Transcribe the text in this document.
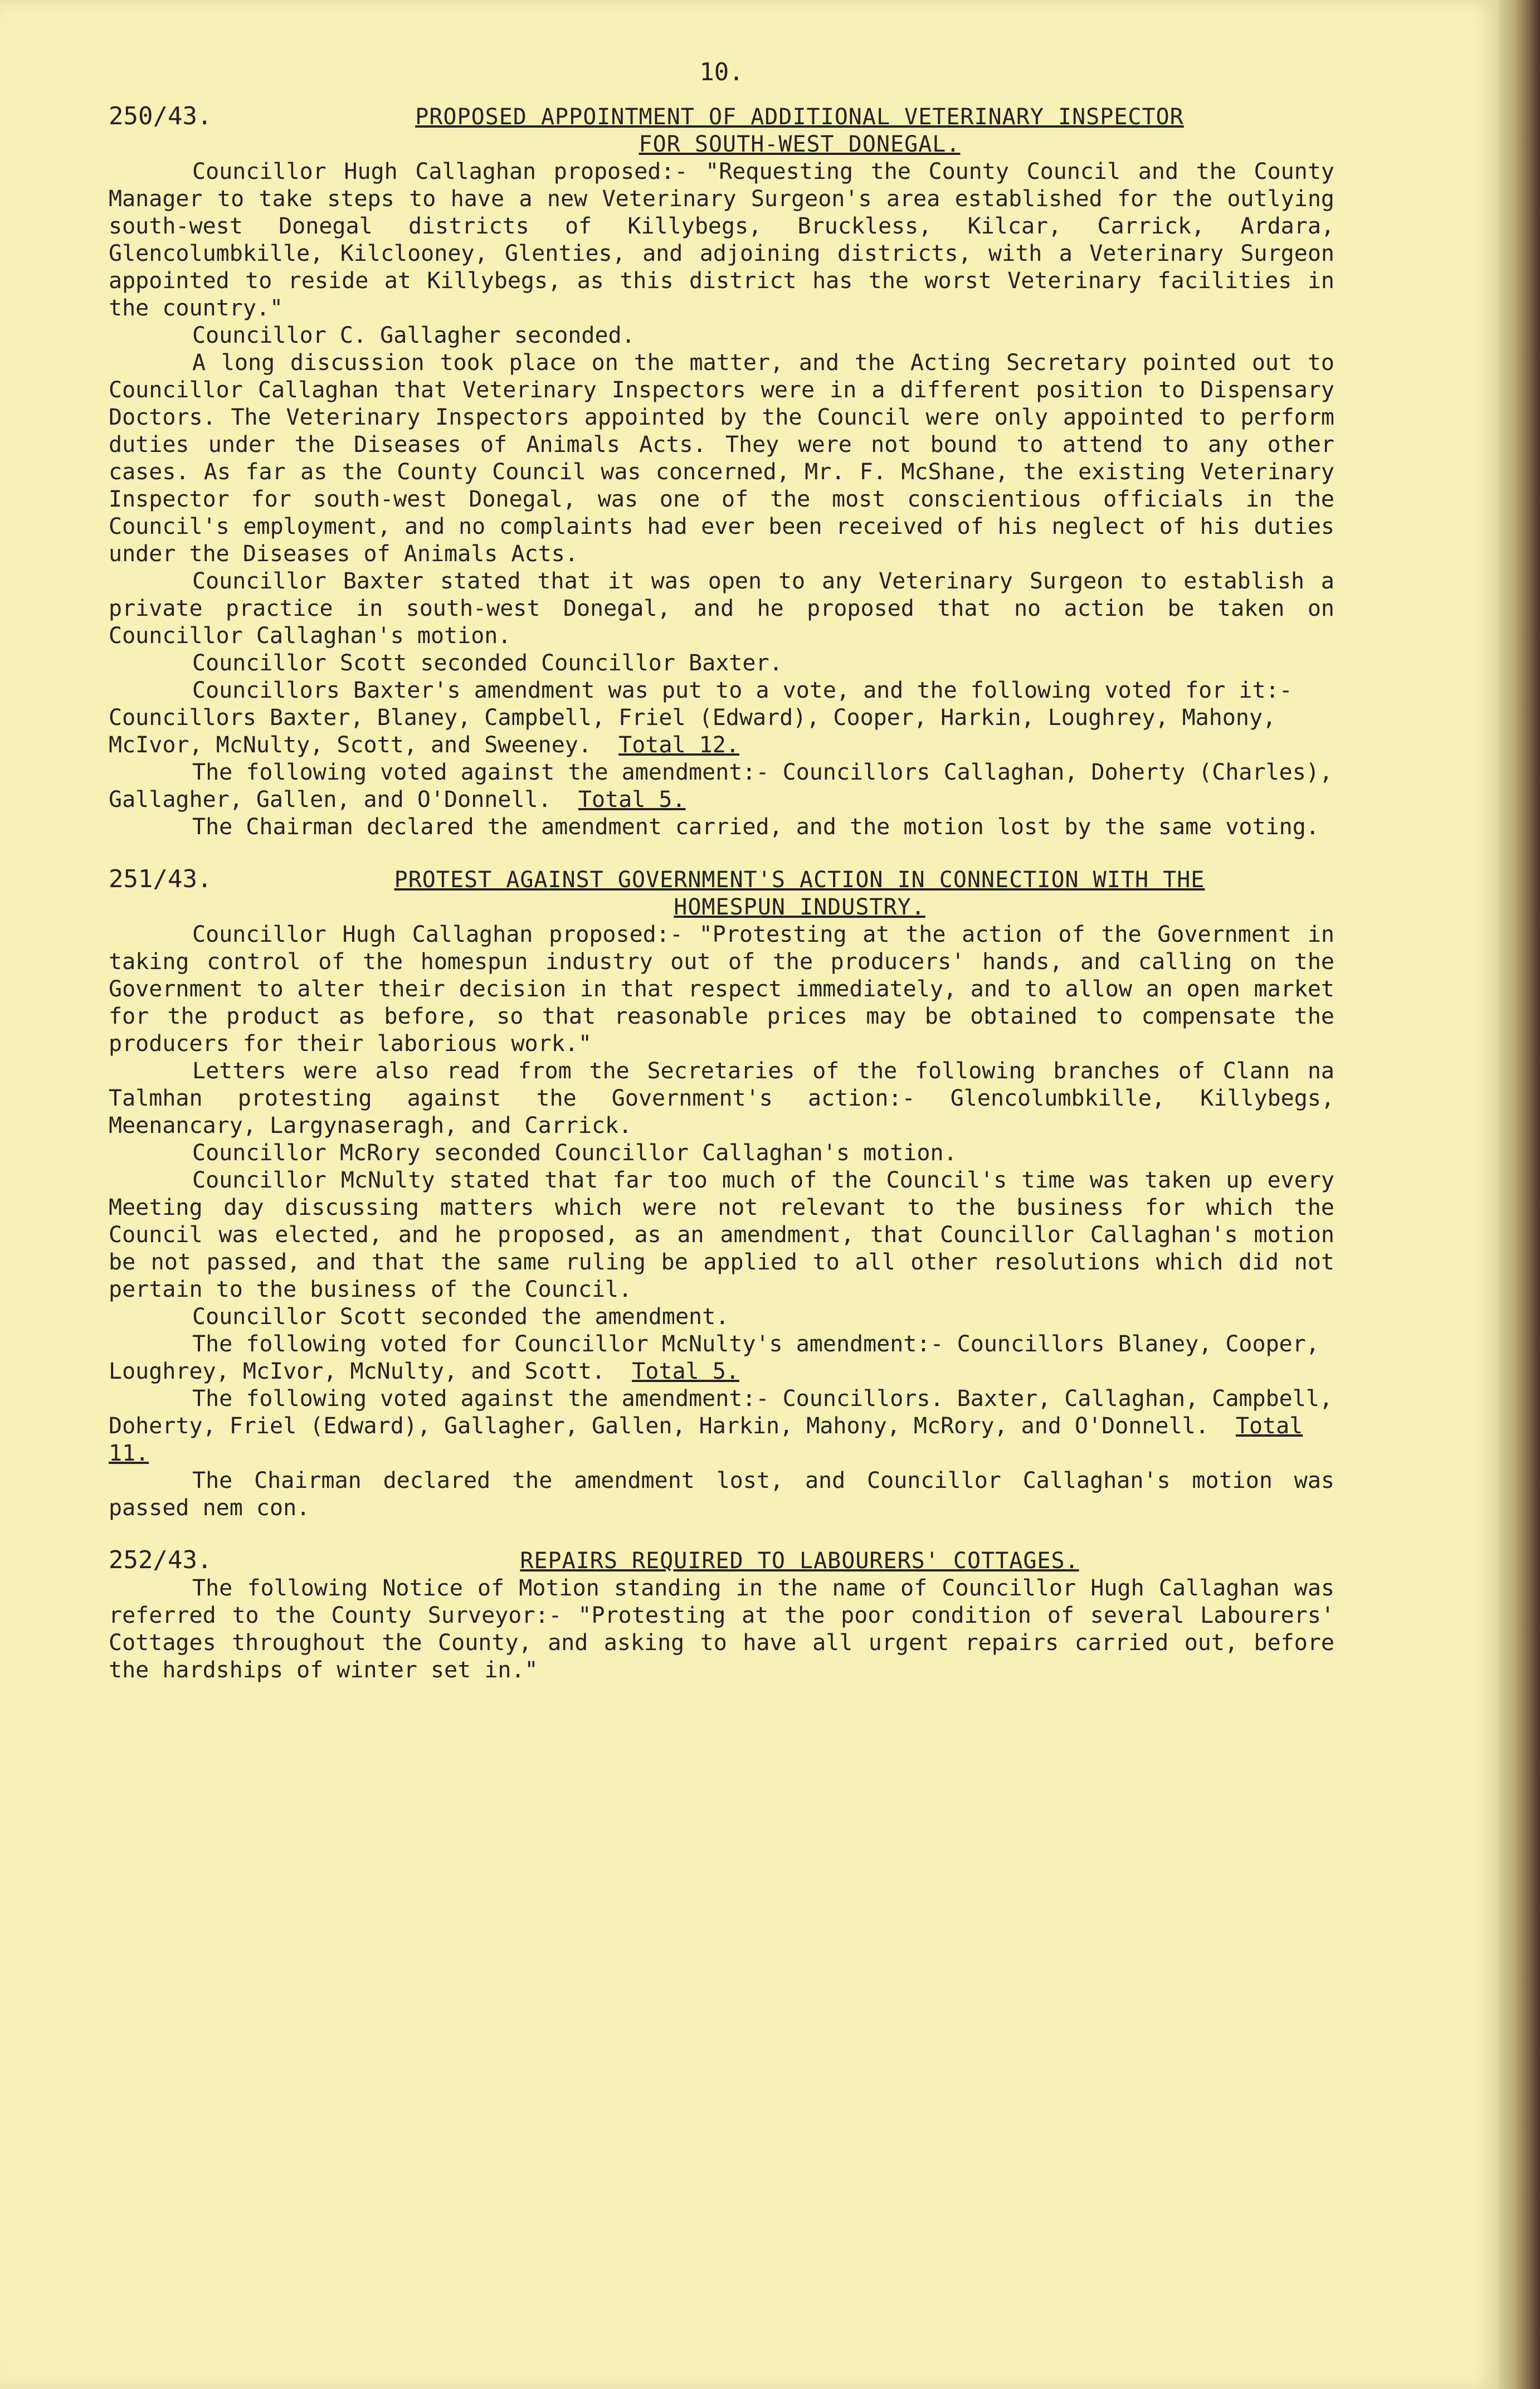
10.
250/43.	PROPOSED APPOINTMENT OF ADDITIONAL VETERINARY INSPECTOR
FOR SOUTH-WEST DONEGAL.

Councillor Hugh Callaghan proposed:- "Requesting the County Council and the County Manager to take steps to have a new Veterinary Surgeon's area established for the outlying south-west Donegal districts of Killybegs, Bruckless, Kilcar, Carrick, Ardara, Glencolumbkille, Kilclooney, Glenties, and adjoining districts, with a Veterinary Surgeon appointed to reside at Killybegs, as this district has the worst Veterinary facilities in the country."

Councillor C. Gallagher seconded.

A long discussion took place on the matter, and the Acting Secretary pointed out to Councillor Callaghan that Veterinary Inspectors were in a different position to Dispensary Doctors. The Veterinary Inspectors appointed by the Council were only appointed to perform duties under the Diseases of Animals Acts. They were not bound to attend to any other cases. As far as the County Council was concerned, Mr. F. McShane, the existing Veterinary Inspector for south-west Donegal, was one of the most conscientious officials in the Council's employment, and no complaints had ever been received of his neglect of his duties under the Diseases of Animals Acts.

Councillor Baxter stated that it was open to any Veterinary Surgeon to establish a private practice in south-west Donegal, and he proposed that no action be taken on Councillor Callaghan's motion.

Councillor Scott seconded Councillor Baxter.

Councillors Baxter's amendment was put to a vote, and the following voted for it:- Councillors Baxter, Blaney, Campbell, Friel (Edward), Cooper, Harkin, Loughrey, Mahony, McIvor, McNulty, Scott, and Sweeney. Total 12.

The following voted against the amendment:- Councillors Callaghan, Doherty (Charles), Gallagher, Gallen, and O'Donnell. Total 5.

The Chairman declared the amendment carried, and the motion lost by the same voting.

251/43.	PROTEST AGAINST GOVERNMENT'S ACTION IN CONNECTION WITH THE
HOMESPUN INDUSTRY.

Councillor Hugh Callaghan proposed:- "Protesting at the action of the Government in taking control of the homespun industry out of the producers' hands, and calling on the Government to alter their decision in that respect immediately, and to allow an open market for the product as before, so that reasonable prices may be obtained to compensate the producers for their laborious work."

Letters were also read from the Secretaries of the following branches of Clann na Talmhan protesting against the Government's action:- Glencolumbkille, Killybegs, Meenancary, Largynaseragh, and Carrick.

Councillor McRory seconded Councillor Callaghan's motion.

Councillor McNulty stated that far too much of the Council's time was taken up every Meeting day discussing matters which were not relevant to the business for which the Council was elected, and he proposed, as an amendment, that Councillor Callaghan's motion be not passed, and that the same ruling be applied to all other resolutions which did not pertain to the business of the Council.

Councillor Scott seconded the amendment.

The following voted for Councillor McNulty's amendment:- Councillors Blaney, Cooper, Loughrey, McIvor, McNulty, and Scott. Total 5.

The following voted against the amendment:- Councillors. Baxter, Callaghan, Campbell, Doherty, Friel (Edward), Gallagher, Gallen, Harkin, Mahony, McRory, and O'Donnell. Total 11.

The Chairman declared the amendment lost, and Councillor Callaghan's motion was passed nem con.

252/43.	REPAIRS REQUIRED TO LABOURERS' COTTAGES.

The following Notice of Motion standing in the name of Councillor Hugh Callaghan was referred to the County Surveyor:- "Protesting at the poor condition of several Labourers' Cottages throughout the County, and asking to have all urgent repairs carried out, before the hardships of winter set in."
